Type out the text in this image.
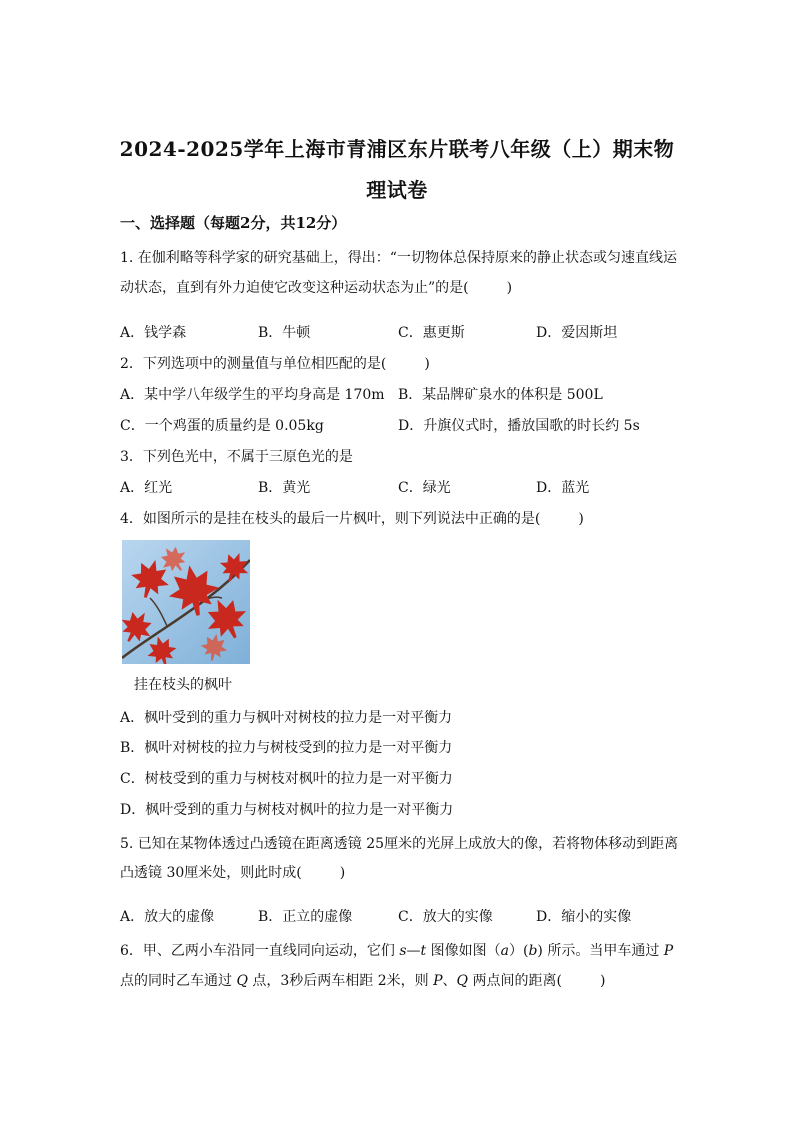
2024-2025学年上海市青浦区东片联考八年级（上）期末物
理试卷
一、选择题（每题2分，共12分）
1. 在伽利略等科学家的研究基础上，得出：“一切物体总保持原来的静止状态或匀速直线运
动状态，直到有外力迫使它改变这种运动状态为止”的是(	)
A．钱学森	B．牛顿	C．惠更斯	D．爱因斯坦
2．下列选项中的测量值与单位相匹配的是(	)
A．某中学八年级学生的平均身高是 170m B．某品牌矿泉水的体积是 500L
C．一个鸡蛋的质量约是 0.05kg	D．升旗仪式时，播放国歌的时长约 5s
3．下列色光中，不属于三原色光的是
A．红光	B．黄光	C．绿光	D．蓝光
4．如图所示的是挂在枝头的最后一片枫叶，则下列说法中正确的是(	)
挂在枝头的枫叶
A．枫叶受到的重力与枫叶对树枝的拉力是一对平衡力
B．枫叶对树枝的拉力与树枝受到的拉力是一对平衡力
C．树枝受到的重力与树枝对枫叶的拉力是一对平衡力
D．枫叶受到的重力与树枝对枫叶的拉力是一对平衡力
5. 已知在某物体透过凸透镜在距离透镜 25厘米的光屏上成放大的像，若将物体移动到距离
凸透镜 30厘米处，则此时成(	)
A．放大的虚像	B．正立的虚像	C．放大的实像	D．缩小的实像
6．甲、乙两小车沿同一直线同向运动，它们 s—t 图像如图（a）(b) 所示。当甲车通过 P
点的同时乙车通过 Q 点，3秒后两车相距 2米，则 P、Q 两点间的距离(	)
